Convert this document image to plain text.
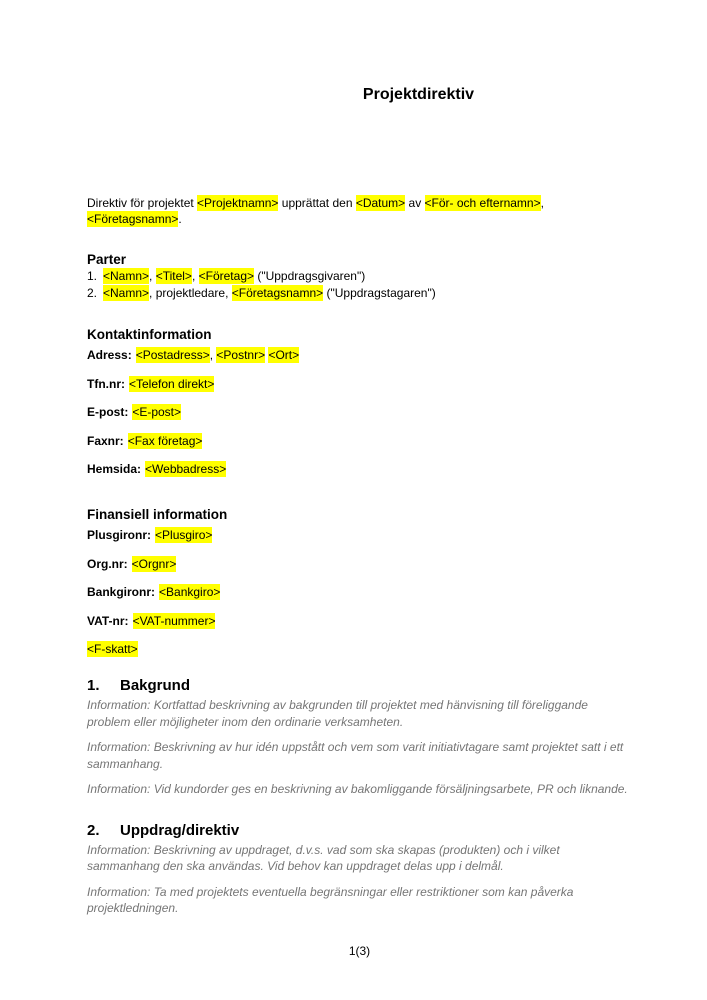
Projektdirektiv

Direktiv för projektet <Projektnamn> upprättat den <Datum> av <För- och efternamn>,
<Företagsnamn>.

Parter
1. <Namn>, <Titel>, <Företag> ("Uppdragsgivaren")
2. <Namn>, projektledare, <Företagsnamn> ("Uppdragstagaren")
Kontaktinformation

Adress: <Postadress>, <Postnr> <Ort>

Tfn.nr: <Telefon direkt>

E-post: <E-post>

Faxnr: <Fax företag>

Hemsida: <Webbadress>

Finansiell information

Plusgironr: <Plusgiro>

Org.nr: <Orgnr>

Bankgironr: <Bankgiro>

VAT-nr: <VAT-nummer>

<F-skatt>

1. Bakgrund

Information: Kortfattad beskrivning av bakgrunden till projektet med hänvisning till föreliggande problem eller möjligheter inom den ordinarie verksamheten.

Information: Beskrivning av hur idén uppstått och vem som varit initiativtagare samt projektet satt i ett sammanhang.

Information: Vid kundorder ges en beskrivning av bakomliggande försäljningsarbete, PR och liknande.

2. Uppdrag/direktiv

Information: Beskrivning av uppdraget, d.v.s. vad som ska skapas (produkten) och i vilket sammanhang den ska användas. Vid behov kan uppdraget delas upp i delmål.

Information: Ta med projektets eventuella begränsningar eller restriktioner som kan påverka projektledningen.

1(3)
